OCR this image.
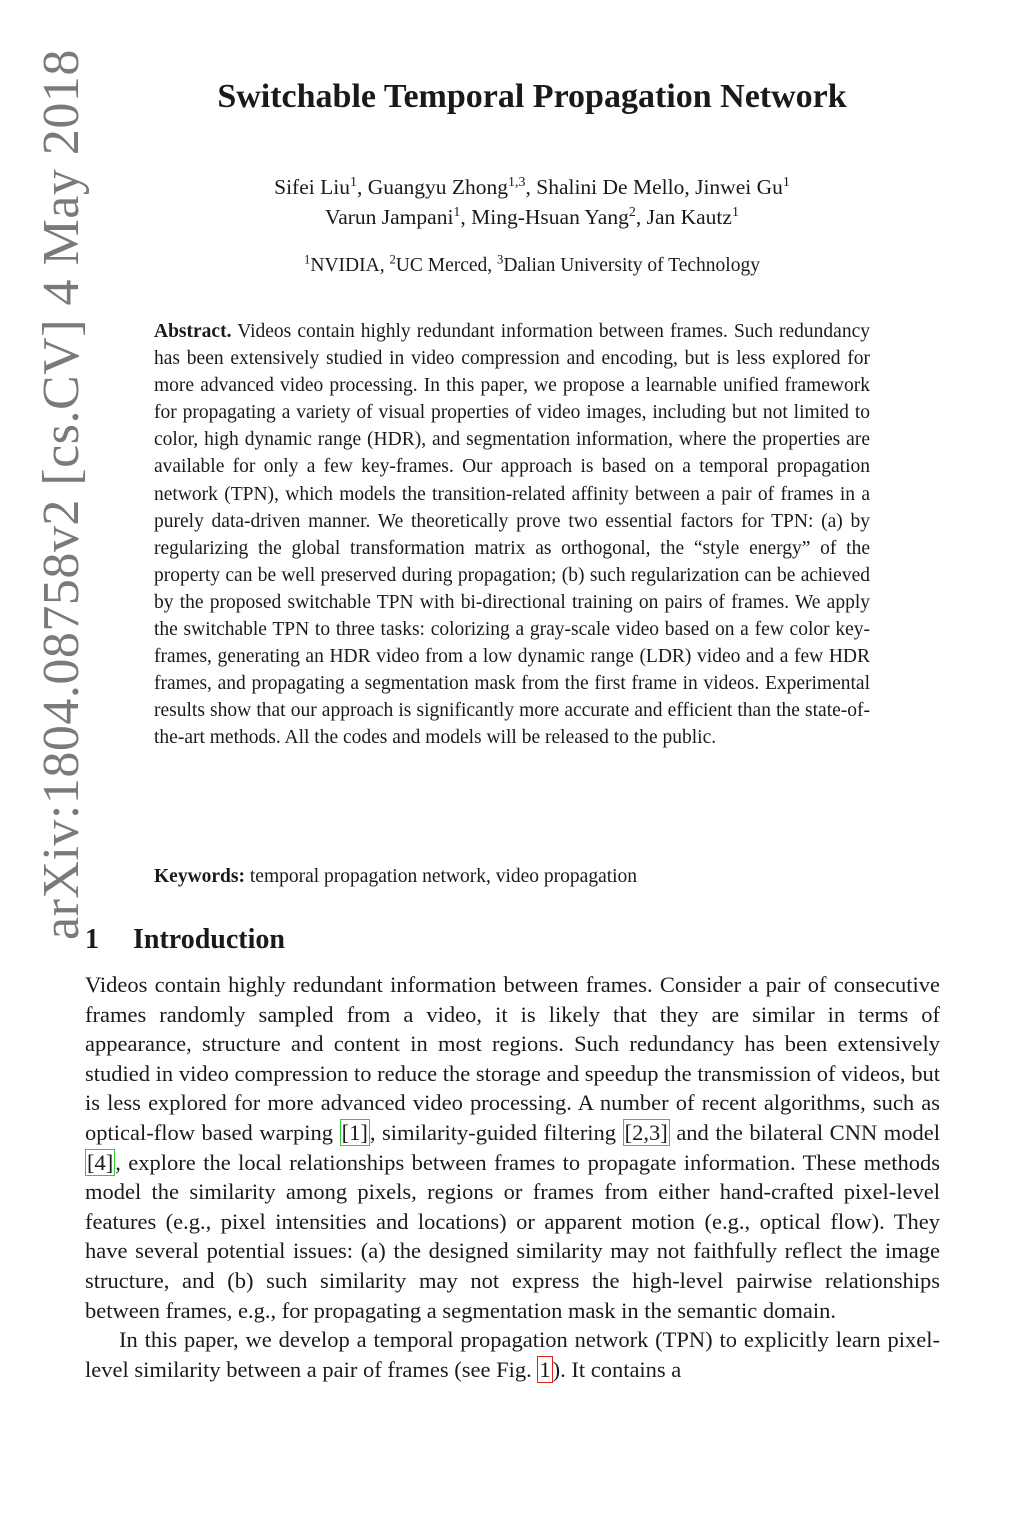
arXiv:1804.08758v2 [cs.CV] 4 May 2018	Switchable Temporal Propagation Network
Sifei Liu$^1$, Guangyu Zhong$^{1,3}$, Shalini De Mello, Jinwei Gu$^1$
Varun Jampani$^1$, Ming-Hsuan Yang$^2$, Jan Kautz$^1$
$^1$NVIDIA, $^2$UC Merced, $^3$Dalian University of Technology

Abstract. Videos contain highly redundant information between frames. Such redundancy has been extensively studied in video compression and encoding, but is less explored for more advanced video processing. In this paper, we propose a learnable unified framework for propagating a variety of visual properties of video images, including but not limited to color, high dynamic range (HDR), and segmentation information, where the properties are available for only a few key-frames. Our approach is based on a temporal propagation network (TPN), which models the transition-related affinity between a pair of frames in a purely data-driven manner. We theoretically prove two essential factors for TPN: (a) by regularizing the global transformation matrix as orthogonal, the “style energy” of the property can be well preserved during propagation; (b) such regularization can be achieved by the proposed switchable TPN with bi-directional training on pairs of frames. We apply the switchable TPN to three tasks: colorizing a gray-scale video based on a few color key-frames, generating an HDR video from a low dynamic range (LDR) video and a few HDR frames, and propagating a segmentation mask from the first frame in videos. Experimental results show that our approach is significantly more accurate and efficient than the state-of-the-art methods. All the codes and models will be released to the public.

Keywords: temporal propagation network, video propagation

1 Introduction

Videos contain highly redundant information between frames. Consider a pair of consecutive frames randomly sampled from a video, it is likely that they are similar in terms of appearance, structure and content in most regions. Such redundancy has been extensively studied in video compression to reduce the storage and speedup the transmission of videos, but is less explored for more advanced video processing. A number of recent algorithms, such as optical-flow based warping [1], similarity-guided filtering [2,3] and the bilateral CNN model [4], explore the local relationships between frames to propagate information. These methods model the similarity among pixels, regions or frames from either hand-crafted pixel-level features (e.g., pixel intensities and locations) or apparent motion (e.g., optical flow). They have several potential issues: (a) the designed similarity may not faithfully reflect the image structure, and (b) such similarity may not express the high-level pairwise relationships between frames, e.g., for propagating a segmentation mask in the semantic domain.

In this paper, we develop a temporal propagation network (TPN) to explicitly learn pixel-level similarity between a pair of frames (see Fig. 1). It contains a
